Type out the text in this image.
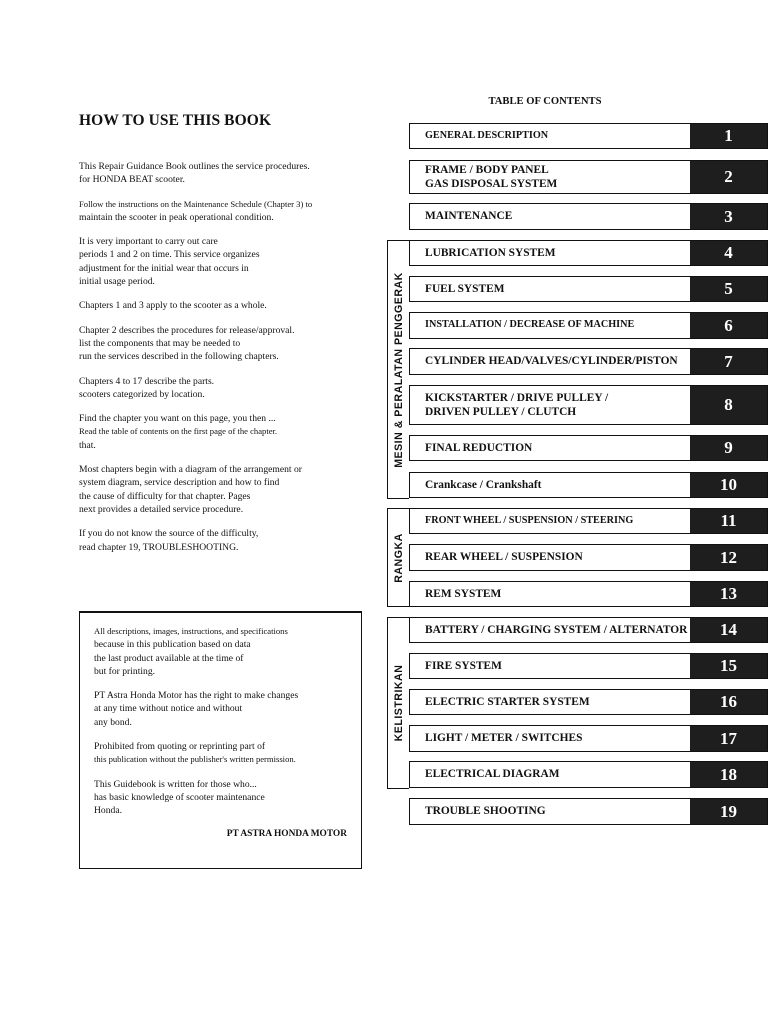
HOW TO USE THIS BOOK

This Repair Guidance Book outlines the service procedures.
for HONDA BEAT scooter.

Follow the instructions on the Maintenance Schedule (Chapter 3) to
maintain the scooter in peak operational condition.

It is very important to carry out care
periods 1 and 2 on time. This service organizes
adjustment for the initial wear that occurs in
initial usage period.

Chapters 1 and 3 apply to the scooter as a whole.

Chapter 2 describes the procedures for release/approval.
list the components that may be needed to
run the services described in the following chapters.

Chapters 4 to 17 describe the parts.
scooters categorized by location.

Find the chapter you want on this page, you then ...
Read the table of contents on the first page of the chapter.
that.

Most chapters begin with a diagram of the arrangement or
system diagram, service description and how to find
the cause of difficulty for that chapter. Pages
next provides a detailed service procedure.

If you do not know the source of the difficulty,
read chapter 19, TROUBLESHOOTING.

All descriptions, images, instructions, and specifications
because in this publication based on data
the last product available at the time of
but for printing.

PT Astra Honda Motor has the right to make changes
at any time without notice and without
any bond.

Prohibited from quoting or reprinting part of
this publication without the publisher's written permission.

This Guidebook is written for those who...
has basic knowledge of scooter maintenance
Honda.

PT ASTRA HONDA MOTOR
TABLE OF CONTENTS
GENERAL DESCRIPTION	1
FRAME / BODY PANEL
GAS DISPOSAL SYSTEM	2
MAINTENANCE	3
LUBRICATION SYSTEM	4
FUEL SYSTEM	5
INSTALLATION / DECREASE OF MACHINE	6
CYLINDER HEAD/VALVES/CYLINDER/PISTON	7
KICKSTARTER / DRIVE PULLEY /
DRIVEN PULLEY / CLUTCH	8
FINAL REDUCTION	9
Crankcase / Crankshaft	10
FRONT WHEEL / SUSPENSION / STEERING	11
REAR WHEEL / SUSPENSION	12
REM SYSTEM	13
BATTERY / CHARGING SYSTEM / ALTERNATOR	14
FIRE SYSTEM	15
ELECTRIC STARTER SYSTEM	16
LIGHT / METER / SWITCHES	17
ELECTRICAL DIAGRAM	18
TROUBLE SHOOTING	19
MESIN & PERALATAN PENGGERAK
RANGKA
KELISTRIKAN
